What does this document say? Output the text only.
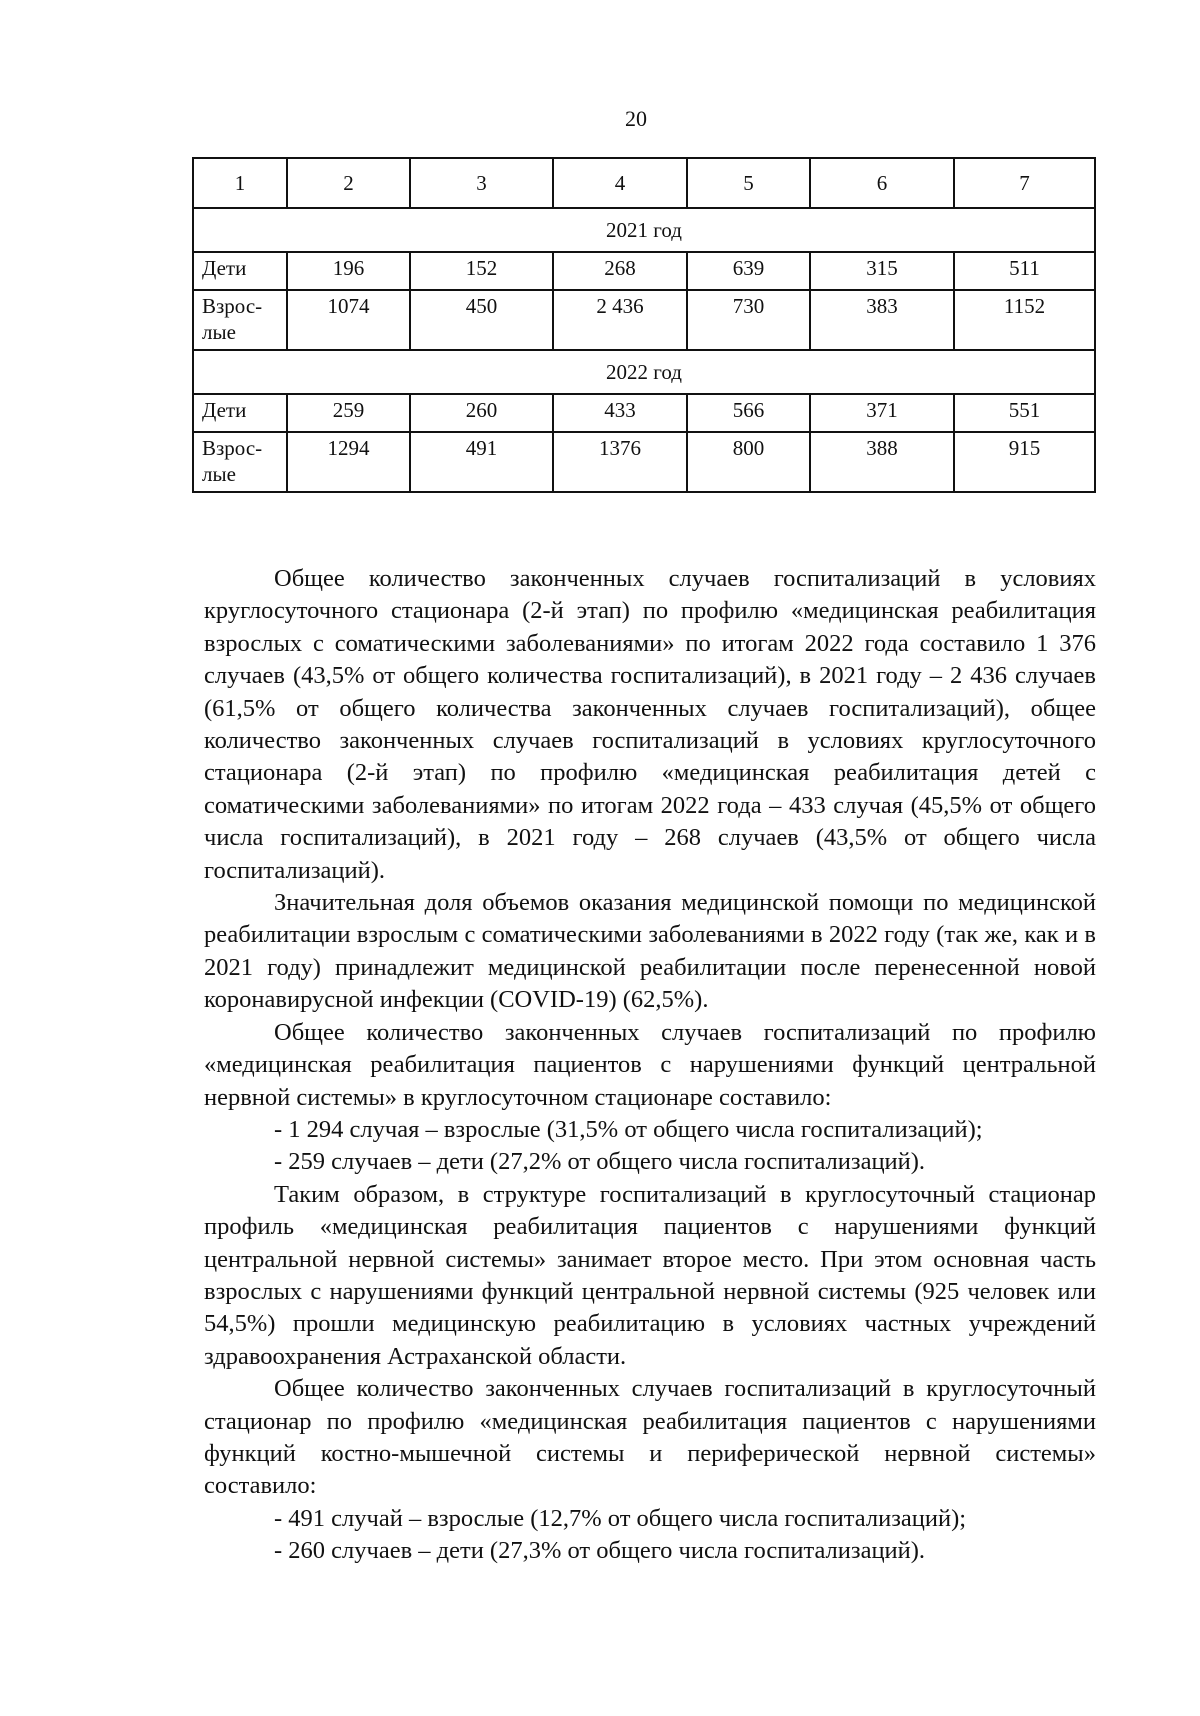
20
1	2	3	4	5	6	7
2021 год						
Дети	196	152	268	639	315	511
Взрос-
лые	1074	450	2 436	730	383	1152
2022 год						
Дети	259	260	433	566	371	551
Взрос-
лые	1294	491	1376	800	388	915

Общее количество законченных случаев госпитализаций в условиях круглосуточного стационара (2-й этап) по профилю «медицинская реабилитация взрослых с соматическими заболеваниями» по итогам 2022 года составило 1 376 случаев (43,5% от общего количества госпитализаций), в 2021 году – 2 436 случаев (61,5% от общего количества законченных случаев госпитализаций), общее количество законченных случаев госпитализаций в условиях круглосуточного стационара (2-й этап) по профилю «медицинская реабилитация детей с соматическими заболеваниями» по итогам 2022 года – 433 случая (45,5% от общего числа госпитализаций), в 2021 году – 268 случаев (43,5% от общего числа госпитализаций).

Значительная доля объемов оказания медицинской помощи по медицинской реабилитации взрослым с соматическими заболеваниями в 2022 году (так же, как и в 2021 году) принадлежит медицинской реабилитации после перенесенной новой коронавирусной инфекции (COVID-19) (62,5%).

Общее количество законченных случаев госпитализаций по профилю «медицинская реабилитация пациентов с нарушениями функций центральной нервной системы» в круглосуточном стационаре составило:

- 1 294 случая – взрослые (31,5% от общего числа госпитализаций);

- 259 случаев – дети (27,2% от общего числа госпитализаций).

Таким образом, в структуре госпитализаций в круглосуточный стационар профиль «медицинская реабилитация пациентов с нарушениями функций центральной нервной системы» занимает второе место. При этом основная часть взрослых с нарушениями функций центральной нервной системы (925 человек или 54,5%) прошли медицинскую реабилитацию в условиях частных учреждений здравоохранения Астраханской области.

Общее количество законченных случаев госпитализаций в круглосуточный стационар по профилю «медицинская реабилитация пациентов с нарушениями функций костно-мышечной системы и периферической нервной системы» составило:

- 491 случай – взрослые (12,7% от общего числа госпитализаций);

- 260 случаев – дети (27,3% от общего числа госпитализаций).
